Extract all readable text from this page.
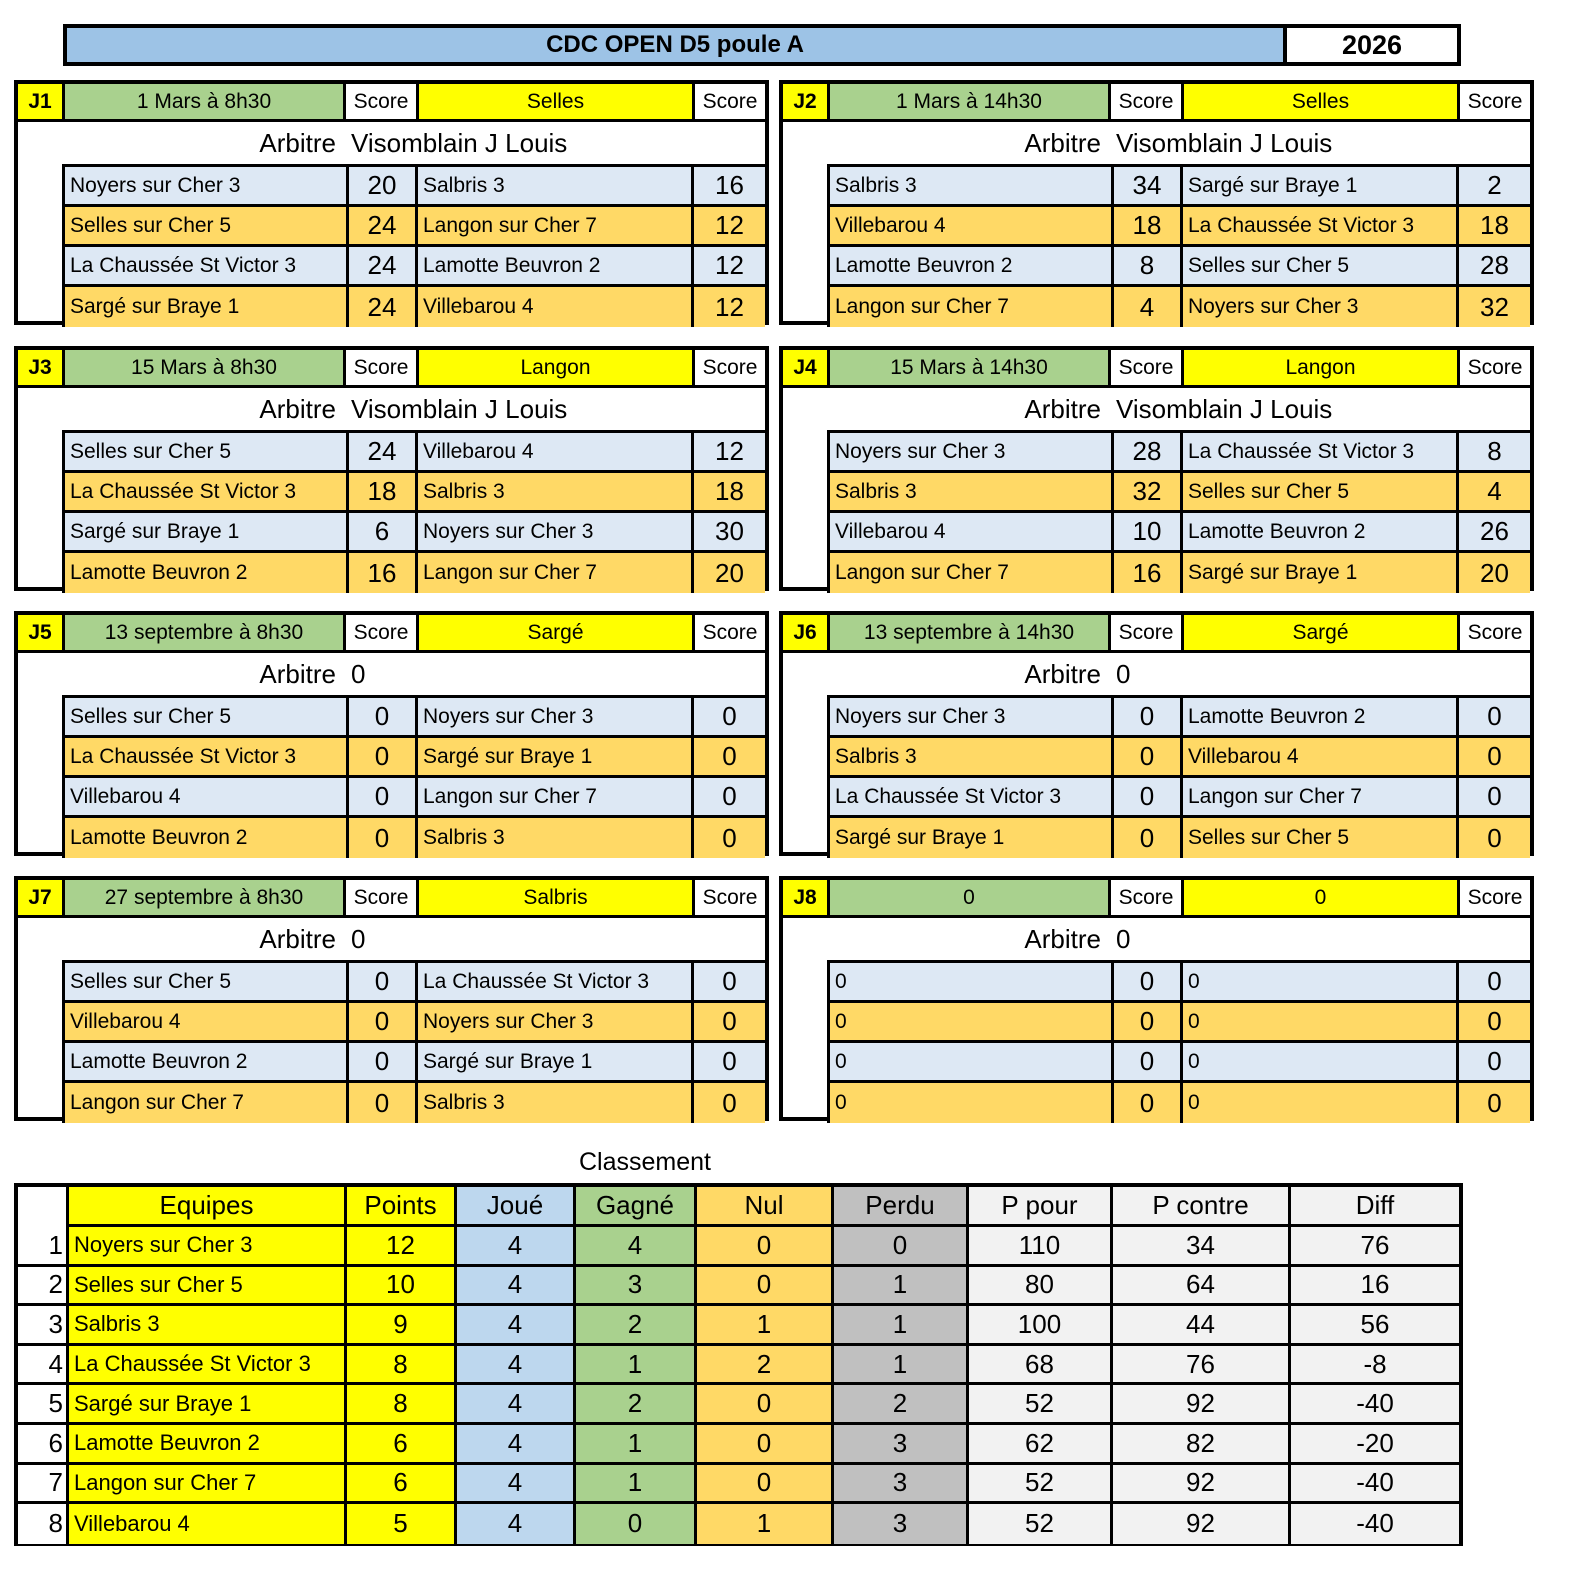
CDC OPEN D5 poule A	2026
J1	1 Mars à 8h30	Score	Selles	Score
Arbitre Visomblain J Louis
Noyers sur Cher 3	20	Salbris 3	16
Selles sur Cher 5	24	Langon sur Cher 7	12
La Chaussée St Victor 3	24	Lamotte Beuvron 2	12
Sargé sur Braye 1	24	Villebarou 4	12
J2	1 Mars à 14h30	Score	Selles	Score
Arbitre Visomblain J Louis
Salbris 3	34	Sargé sur Braye 1	2
Villebarou 4	18	La Chaussée St Victor 3	18
Lamotte Beuvron 2	8	Selles sur Cher 5	28
Langon sur Cher 7	4	Noyers sur Cher 3	32
J3	15 Mars à 8h30	Score	Langon	Score
Arbitre Visomblain J Louis
Selles sur Cher 5	24	Villebarou 4	12
La Chaussée St Victor 3	18	Salbris 3	18
Sargé sur Braye 1	6	Noyers sur Cher 3	30
Lamotte Beuvron 2	16	Langon sur Cher 7	20
J4	15 Mars à 14h30	Score	Langon	Score
Arbitre Visomblain J Louis
Noyers sur Cher 3	28	La Chaussée St Victor 3	8
Salbris 3	32	Selles sur Cher 5	4
Villebarou 4	10	Lamotte Beuvron 2	26
Langon sur Cher 7	16	Sargé sur Braye 1	20
J5	13 septembre à 8h30	Score	Sargé	Score
Arbitre 0
Selles sur Cher 5	0	Noyers sur Cher 3	0
La Chaussée St Victor 3	0	Sargé sur Braye 1	0
Villebarou 4	0	Langon sur Cher 7	0
Lamotte Beuvron 2	0	Salbris 3	0
J6	13 septembre à 14h30	Score	Sargé	Score
Arbitre 0
Noyers sur Cher 3	0	Lamotte Beuvron 2	0
Salbris 3	0	Villebarou 4	0
La Chaussée St Victor 3	0	Langon sur Cher 7	0
Sargé sur Braye 1	0	Selles sur Cher 5	0
J7	27 septembre à 8h30	Score	Salbris	Score
Arbitre 0
Selles sur Cher 5	0	La Chaussée St Victor 3	0
Villebarou 4	0	Noyers sur Cher 3	0
Lamotte Beuvron 2	0	Sargé sur Braye 1	0
Langon sur Cher 7	0	Salbris 3	0
J8	0	Score	0	Score
Arbitre 0
0	0	0	0
0	0	0	0
0	0	0	0
0	0	0	0
Classement
Equipes	Points	Joué	Gagné	Nul	Perdu	P pour	P contre	Diff
1 Noyers sur Cher 3	12	4	4	0	0	110	34	76
2 Selles sur Cher 5	10	4	3	0	1	80	64	16
3 Salbris 3	9	4	2	1	1	100	44	56
4 La Chaussée St Victor 3	8	4	1	2	1	68	76	-8
5 Sargé sur Braye 1	8	4	2	0	2	52	92	-40
6 Lamotte Beuvron 2	6	4	1	0	3	62	82	-20
7 Langon sur Cher 7	6	4	1	0	3	52	92	-40
8 Villebarou 4	5	4	0	1	3	52	92	-40
